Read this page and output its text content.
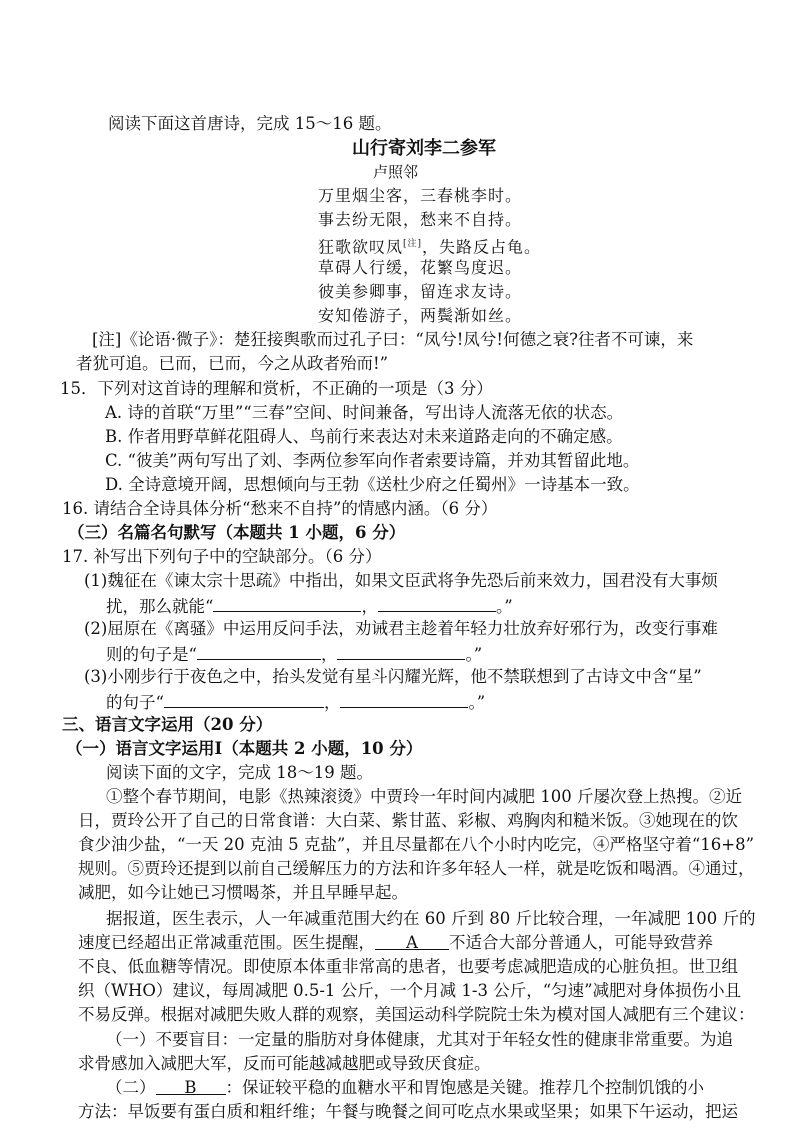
阅读下面这首唐诗，完成 15～16 题。
山行寄刘李二参军
卢照邻
万里烟尘客，三春桃李时。
事去纷无限，愁来不自持。
狂歌欲叹凤[注]，失路反占龟。
草碍人行缓，花繁鸟度迟。
彼美参卿事，留连求友诗。
安知倦游子，两鬓渐如丝。
[注]《论语·微子》：楚狂接舆歌而过孔子曰：“凤兮!凤兮!何德之衰?往者不可谏，来
者犹可追。已而，已而，今之从政者殆而!”
15．下列对这首诗的理解和赏析，不正确的一项是（3 分）
A. 诗的首联“万里”“三春”空间、时间兼备，写出诗人流落无依的状态。
B. 作者用野草鲜花阻碍人、鸟前行来表达对未来道路走向的不确定感。
C. “彼美”两句写出了刘、李两位参军向作者索要诗篇，并劝其暂留此地。
D. 全诗意境开阔，思想倾向与王勃《送杜少府之任蜀州》一诗基本一致。
16. 请结合全诗具体分析“愁来不自持”的情感内涵。（6 分）
（三）名篇名句默写（本题共 1 小题，6 分）
17. 补写出下列句子中的空缺部分。（6 分）
(1)魏征在《谏太宗十思疏》中指出，如果文臣武将争先恐后前来效力，国君没有大事烦
扰，那么就能“	，	。”
(2)屈原在《离骚》中运用反问手法，劝诫君主趁着年轻力壮放弃好邪行为，改变行事难
则的句子是“	，	。”
(3)小刚步行于夜色之中，抬头发觉有星斗闪耀光辉，他不禁联想到了古诗文中含“星”
的句子“	，	。”
三、语言文字运用（20 分）
（一）语言文字运用Ⅰ（本题共 2 小题，10 分）
阅读下面的文字，完成 18～19 题。
①整个春节期间，电影《热辣滚烫》中贾玲一年时间内减肥 100 斤屡次登上热搜。②近
日，贾玲公开了自己的日常食谱：大白菜、紫甘蓝、彩椒、鸡胸肉和糙米饭。③她现在的饮
食少油少盐，“一天 20 克油 5 克盐”，并且尽量都在八个小时内吃完，④严格坚守着“16+8”
规则。⑤贾玲还提到以前自己缓解压力的方法和许多年轻人一样，就是吃饭和喝酒。④通过，
减肥，如今让她已习惯喝茶，并且早睡早起。
据报道，医生表示，人一年减重范围大约在 60 斤到 80 斤比较合理，一年减肥 100 斤的
速度已经超出正常减重范围。医生提醒， A 不适合大部分普通人，可能导致营养
不良、低血糖等情况。即使原本体重非常高的患者，也要考虑减肥造成的心脏负担。世卫组
织（WHO）建议，每周减肥 0.5-1 公斤，一个月减 1-3 公斤，“匀速”减肥对身体损伤小且
不易反弹。根据对减肥失败人群的观察，美国运动科学院院士朱为模对国人减肥有三个建议：
（一）不要盲目：一定量的脂肪对身体健康，尤其对于年轻女性的健康非常重要。为追
求骨感加入减肥大军，反而可能越减越肥或导致厌食症。
（二） B ：保证较平稳的血糖水平和胃饱感是关键。推荐几个控制饥饿的小
方法：早饭要有蛋白质和粗纤维；午餐与晚餐之间可吃点水果或坚果；如果下午运动，把运
